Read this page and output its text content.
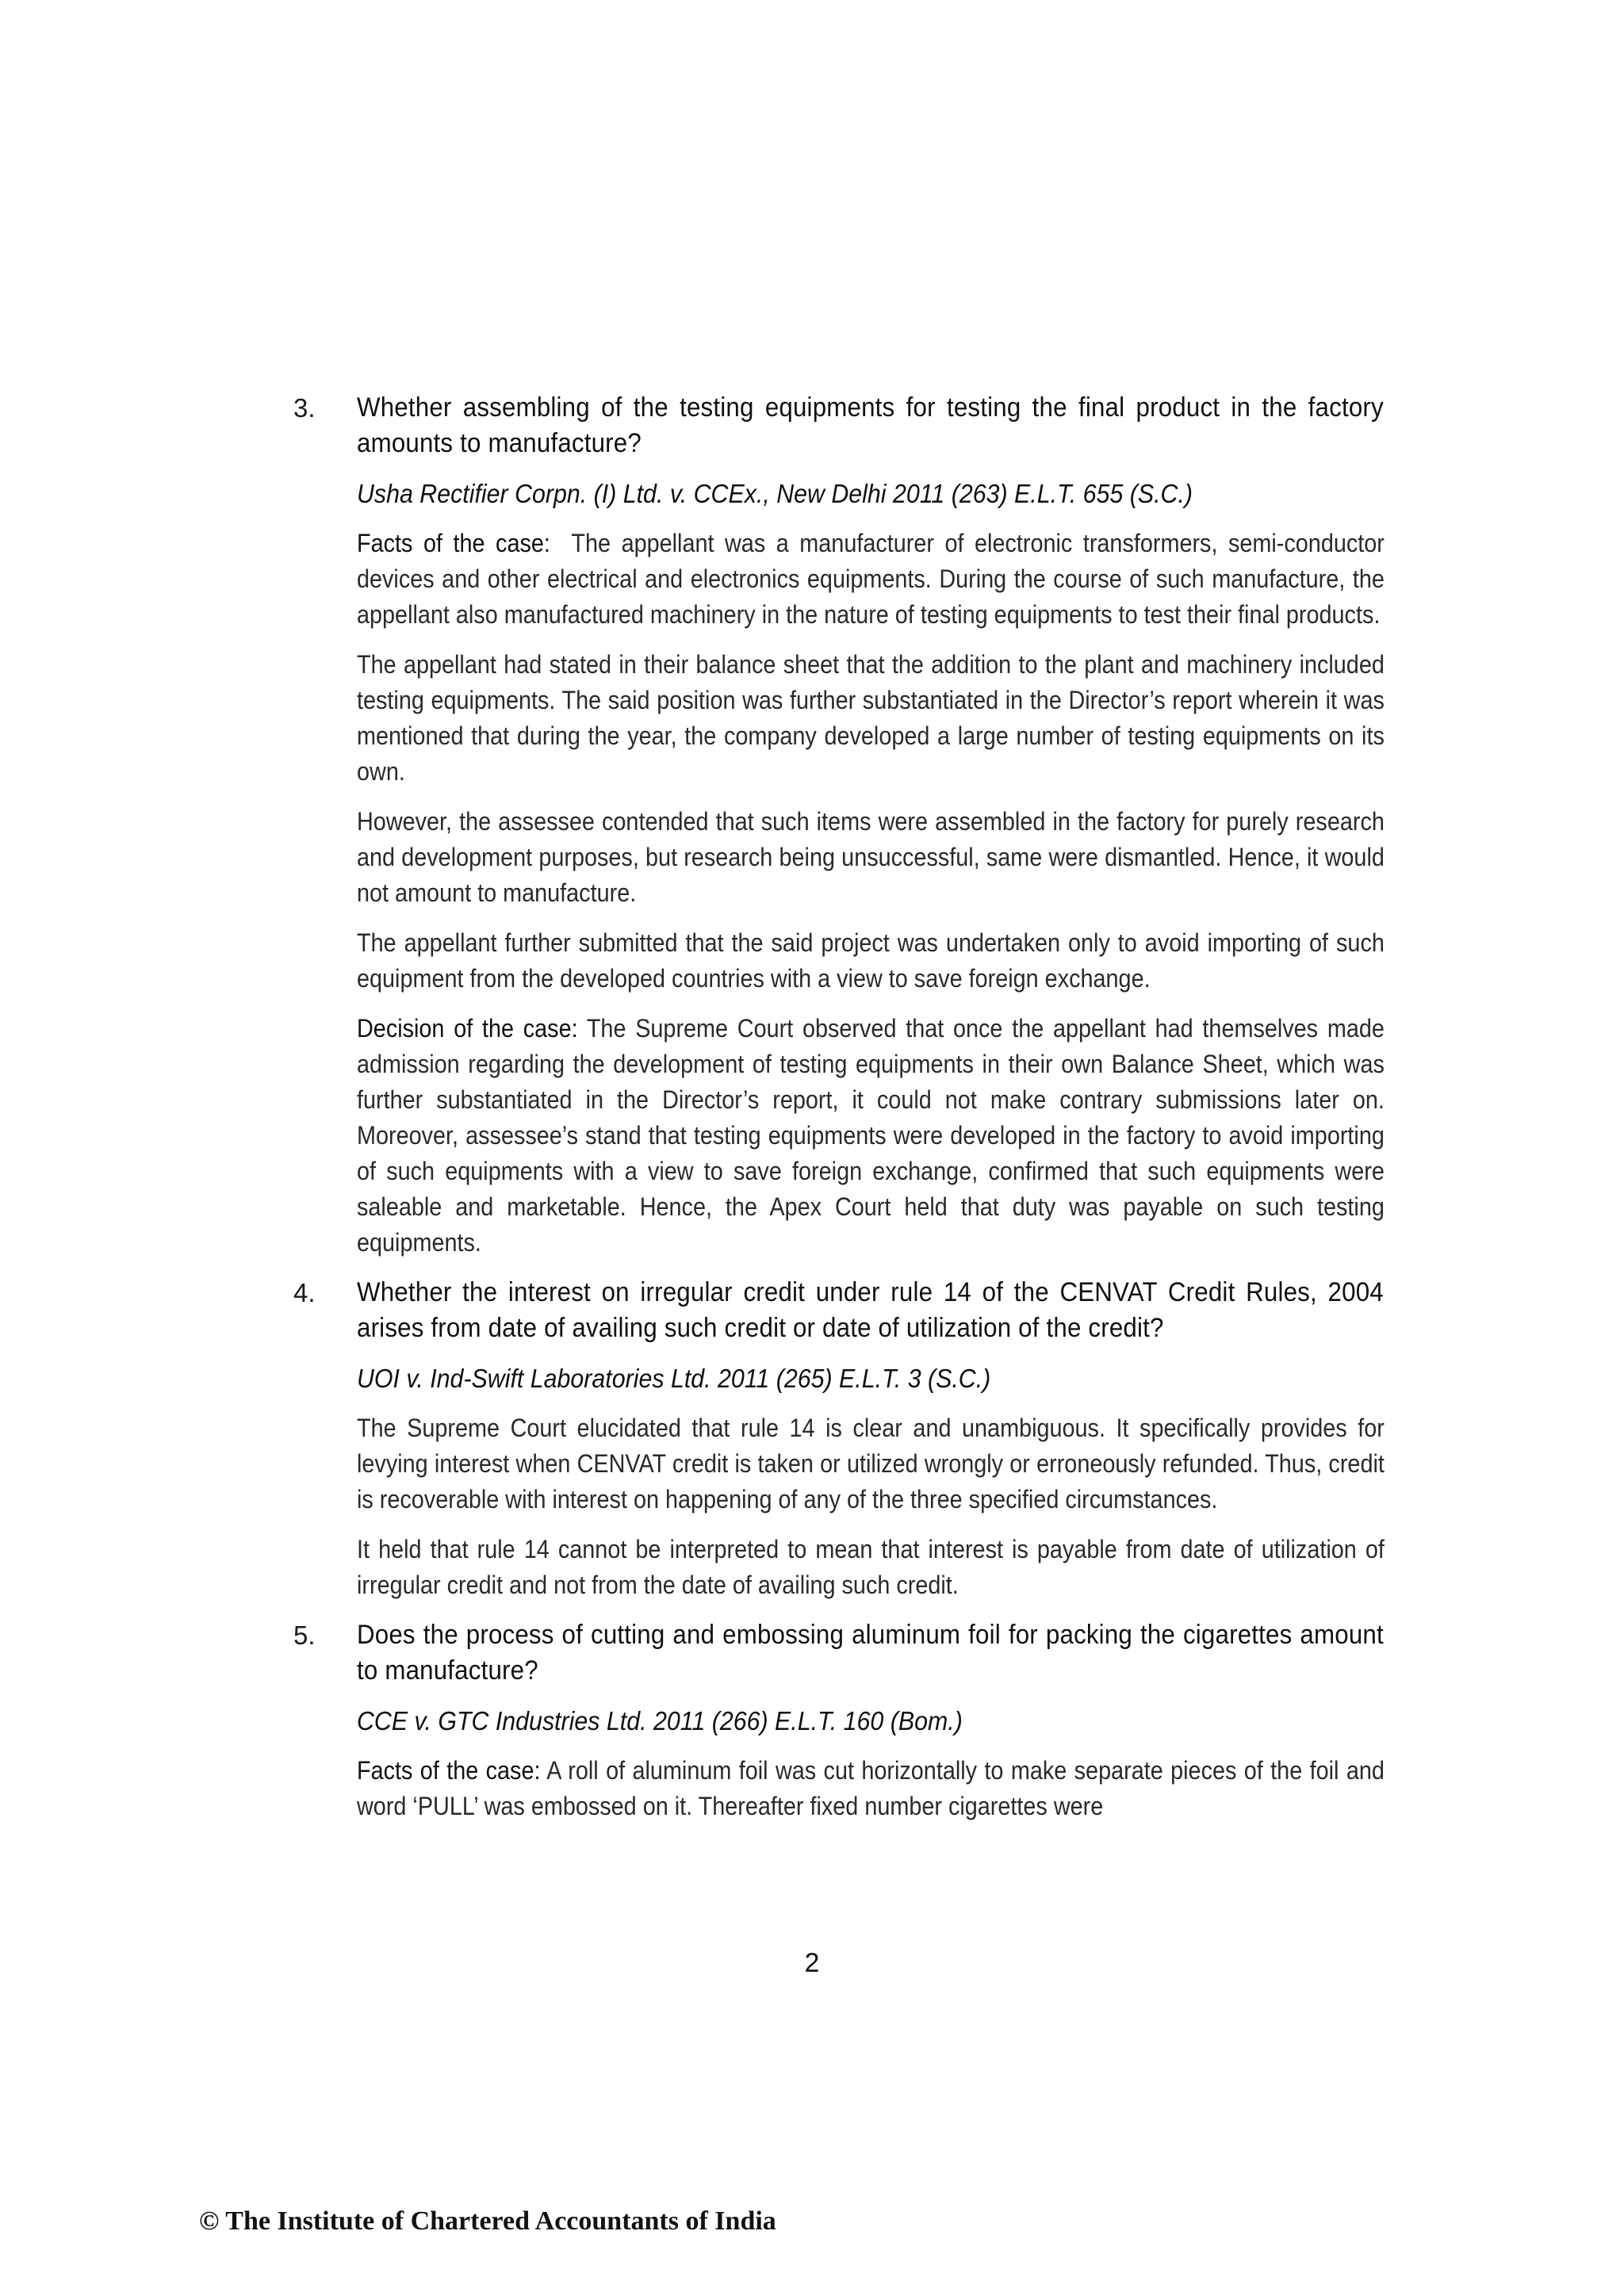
3. Whether assembling of the testing equipments for testing the final product in the factory amounts to manufacture?

Usha Rectifier Corpn. (I) Ltd. v. CCEx., New Delhi 2011 (263) E.L.T. 655 (S.C.)

Facts of the case: The appellant was a manufacturer of electronic transformers, semi-conductor devices and other electrical and electronics equipments. During the course of such manufacture, the appellant also manufactured machinery in the nature of testing equipments to test their final products.

The appellant had stated in their balance sheet that the addition to the plant and machinery included testing equipments. The said position was further substantiated in the Director’s report wherein it was mentioned that during the year, the company developed a large number of testing equipments on its own.

However, the assessee contended that such items were assembled in the factory for purely research and development purposes, but research being unsuccessful, same were dismantled. Hence, it would not amount to manufacture.

The appellant further submitted that the said project was undertaken only to avoid importing of such equipment from the developed countries with a view to save foreign exchange.

Decision of the case: The Supreme Court observed that once the appellant had themselves made admission regarding the development of testing equipments in their own Balance Sheet, which was further substantiated in the Director’s report, it could not make contrary submissions later on. Moreover, assessee’s stand that testing equipments were developed in the factory to avoid importing of such equipments with a view to save foreign exchange, confirmed that such equipments were saleable and marketable. Hence, the Apex Court held that duty was payable on such testing equipments.

4. Whether the interest on irregular credit under rule 14 of the CENVAT Credit Rules, 2004 arises from date of availing such credit or date of utilization of the credit?

UOI v. Ind-Swift Laboratories Ltd. 2011 (265) E.L.T. 3 (S.C.)

The Supreme Court elucidated that rule 14 is clear and unambiguous. It specifically provides for levying interest when CENVAT credit is taken or utilized wrongly or erroneously refunded. Thus, credit is recoverable with interest on happening of any of the three specified circumstances.

It held that rule 14 cannot be interpreted to mean that interest is payable from date of utilization of irregular credit and not from the date of availing such credit.

5. Does the process of cutting and embossing aluminum foil for packing the cigarettes amount to manufacture?

CCE v. GTC Industries Ltd. 2011 (266) E.L.T. 160 (Bom.)

Facts of the case: A roll of aluminum foil was cut horizontally to make separate pieces of the foil and word ‘PULL’ was embossed on it. Thereafter fixed number cigarettes were

2
© The Institute of Chartered Accountants of India
